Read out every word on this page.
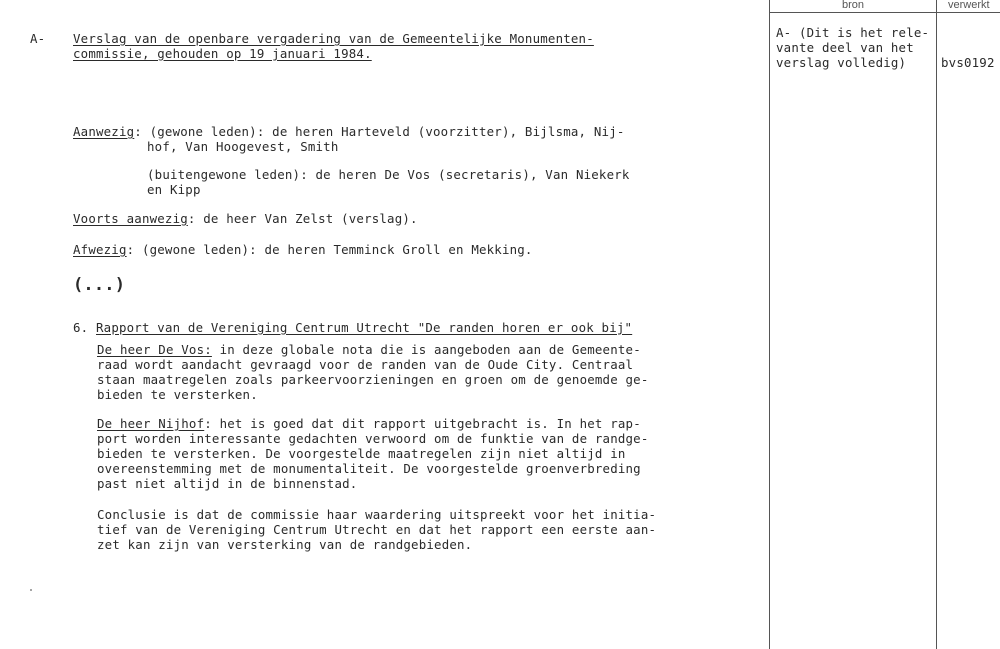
bron	verwerkt
A- (Dit is het rele-
vante deel van het
verslag volledig)	bvs0192
A- Verslag van de openbare vergadering van de Gemeentelijke Monumenten-
commissie, gehouden op 19 januari 1984.
Aanwezig: (gewone leden): de heren Harteveld (voorzitter), Bijlsma, Nij-
hof, Van Hoogevest, Smith
(buitengewone leden): de heren De Vos (secretaris), Van Niekerk
en Kipp
Voorts aanwezig: de heer Van Zelst (verslag).
Afwezig: (gewone leden): de heren Temminck Groll en Mekking.
(...)
6. Rapport van de Vereniging Centrum Utrecht "De randen horen er ook bij"
De heer De Vos: in deze globale nota die is aangeboden aan de Gemeente-
raad wordt aandacht gevraagd voor de randen van de Oude City. Centraal
staan maatregelen zoals parkeervoorzieningen en groen om de genoemde ge-
bieden te versterken.
De heer Nijhof: het is goed dat dit rapport uitgebracht is. In het rap-
port worden interessante gedachten verwoord om de funktie van de randge-
bieden te versterken. De voorgestelde maatregelen zijn niet altijd in
overeenstemming met de monumentaliteit. De voorgestelde groenverbreding
past niet altijd in de binnenstad.
Conclusie is dat de commissie haar waardering uitspreekt voor het initia-
tief van de Vereniging Centrum Utrecht en dat het rapport een eerste aan-
zet kan zijn van versterking van de randgebieden.
